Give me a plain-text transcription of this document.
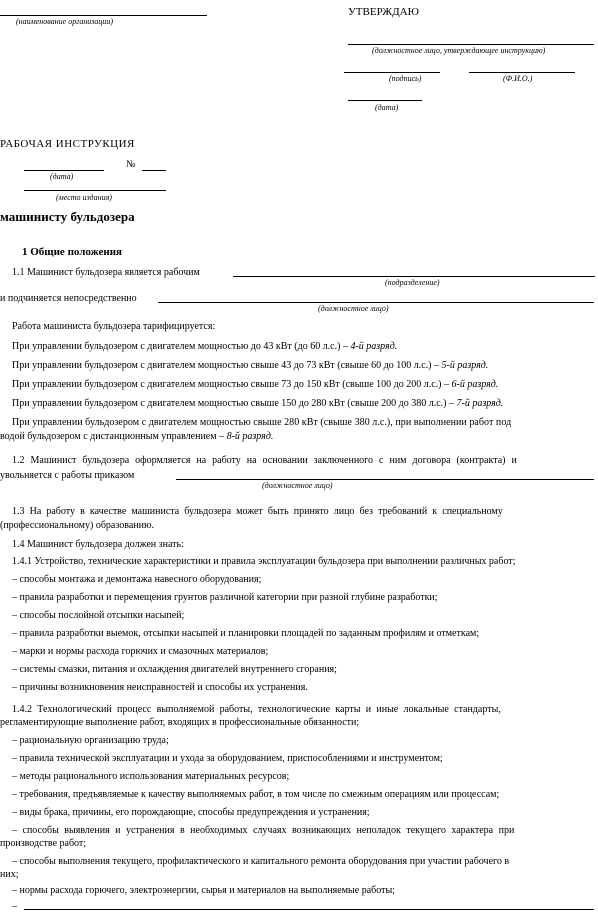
(наименование организации)
УТВЕРЖДАЮ
(должностное лицо, утверждающее инструкцию)
(подпись)	(Ф.И.О.)
(дата)
РАБОЧАЯ ИНСТРУКЦИЯ
№
(дата)
(место издания)
машинисту бульдозера
1 Общие положения
1.1 Машинист бульдозера является рабочим
(подразделение)
и подчиняется непосредственно
(должностное лицо)
Работа машиниста бульдозера тарифицируется:
При управлении бульдозером с двигателем мощностью до 43 кВт (до 60 л.с.) – 4-й разряд.
При управлении бульдозером с двигателем мощностью свыше 43 до 73 кВт (свыше 60 до 100 л.с.) – 5-й разряд.
При управлении бульдозером с двигателем мощностью свыше 73 до 150 кВт (свыше 100 до 200 л.с.) – 6-й разряд.
При управлении бульдозером с двигателем мощностью свыше 150 до 280 кВт (свыше 200 до 380 л.с.) – 7-й разряд.
При управлении бульдозером с двигателем мощностью свыше 280 кВт (свыше 380 л.с.), при выполнении работ под
водой бульдозером с дистанционным управлением – 8-й разряд.
1.2 Машинист бульдозера оформляется на работу на основании заключенного с ним договора (контракта) и
увольняется с работы приказом
(должностное лицо)
1.3 На работу в качестве машиниста бульдозера может быть принято лицо без требований к специальному
(профессиональному) образованию.
1.4 Машинист бульдозера должен знать:
1.4.1 Устройство, технические характеристики и правила эксплуатации бульдозера при выполнении различных работ;
– способы монтажа и демонтажа навесного оборудования;
– правила разработки и перемещения грунтов различной категории при разной глубине разработки;
– способы послойной отсыпки насыпей;
– правила разработки выемок, отсыпки насыпей и планировки площадей по заданным профилям и отметкам;
– марки и нормы расхода горючих и смазочных материалов;
– системы смазки, питания и охлаждения двигателей внутреннего сгорания;
– причины возникновения неисправностей и способы их устранения.
1.4.2 Технологический процесс выполняемой работы, технологические карты и иные локальные стандарты,
регламентирующие выполнение работ, входящих в профессиональные обязанности;
– рациональную организацию труда;
– правила технической эксплуатации и ухода за оборудованием, приспособлениями и инструментом;
– методы рационального использования материальных ресурсов;
– требования, предъявляемые к качеству выполняемых работ, в том числе по смежным операциям или процессам;
– виды брака, причины, его порождающие, способы предупреждения и устранения;
– способы выявления и устранения в необходимых случаях возникающих неполадок текущего характера при
производстве работ;
– способы выполнения текущего, профилактического и капитального ремонта оборудования при участии рабочего в
них;
– нормы расхода горючего, электроэнергии, сырья и материалов на выполняемые работы;
–
